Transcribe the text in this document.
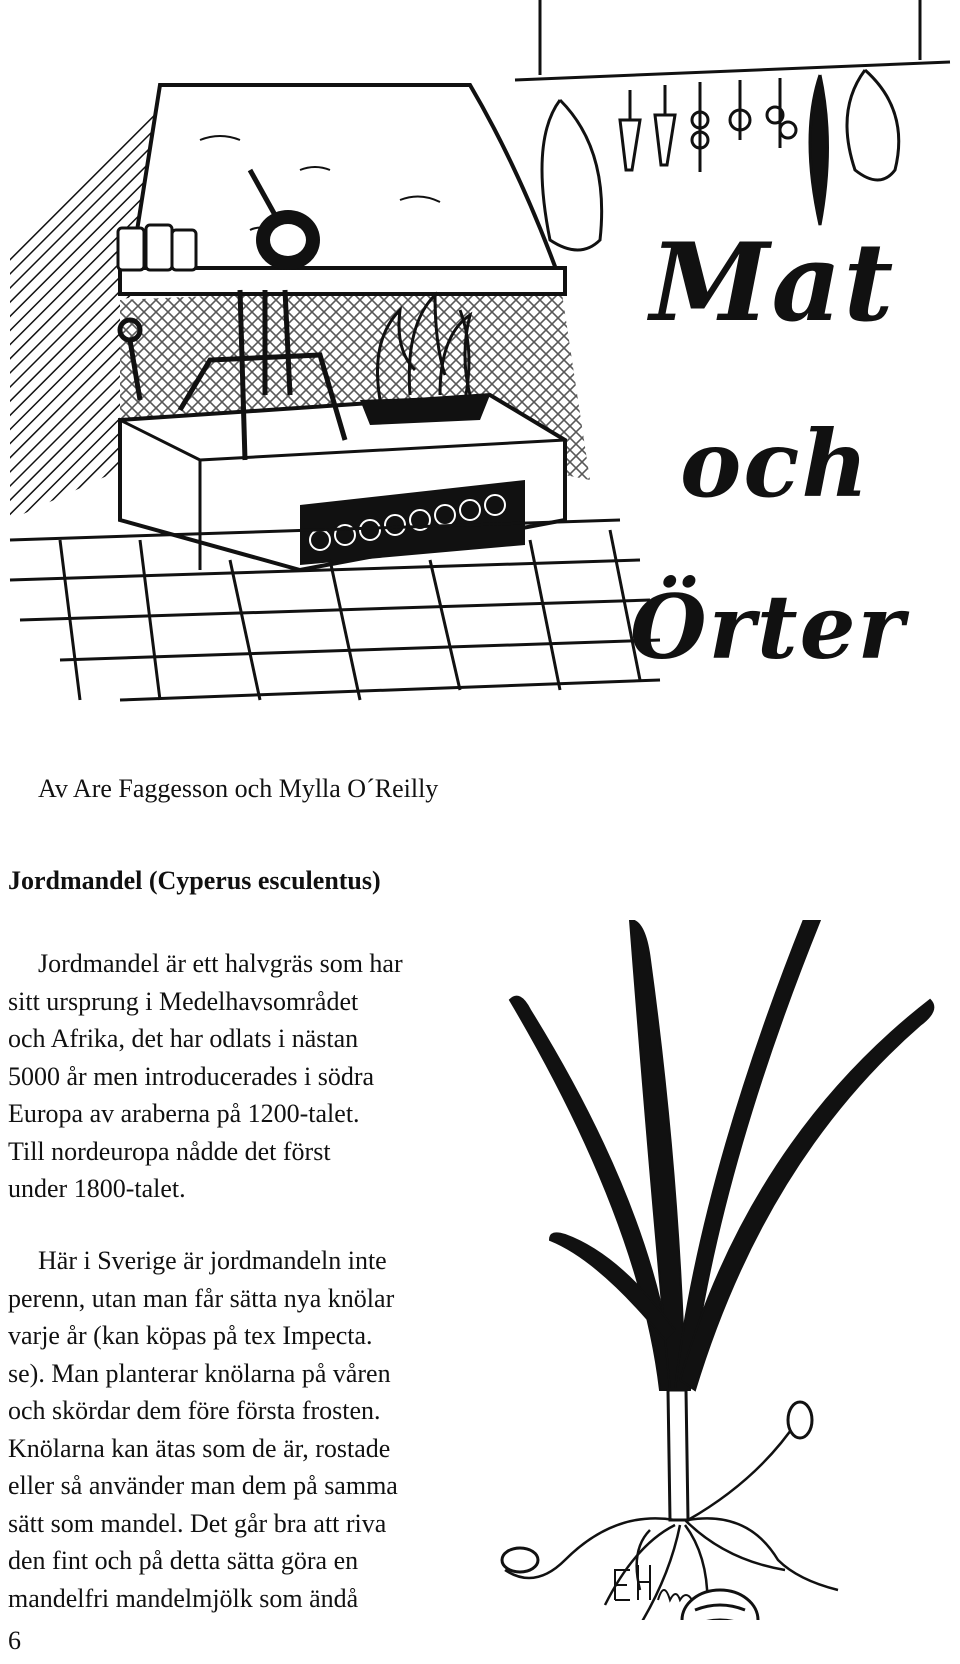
Mat
och
Örter
Av Are Faggesson och Mylla O´Reilly
Jordmandel (Cyperus esculentus)
Jordmandel är ett halvgräs som har
sitt ursprung i Medelhavsområdet
och Afrika, det har odlats i nästan
5000 år men introducerades i södra
Europa av araberna på 1200-talet.
Till nordeuropa nådde det först
under 1800-talet.
Här i Sverige är jordmandeln inte
perenn, utan man får sätta nya knölar
varje år (kan köpas på tex Impecta.
se). Man planterar knölarna på våren
och skördar dem före första frosten.
Knölarna kan ätas som de är, rostade
eller så använder man dem på samma
sätt som mandel. Det går bra att riva
den fint och på detta sätta göra en
mandelfri mandelmjölk som ändå
6
